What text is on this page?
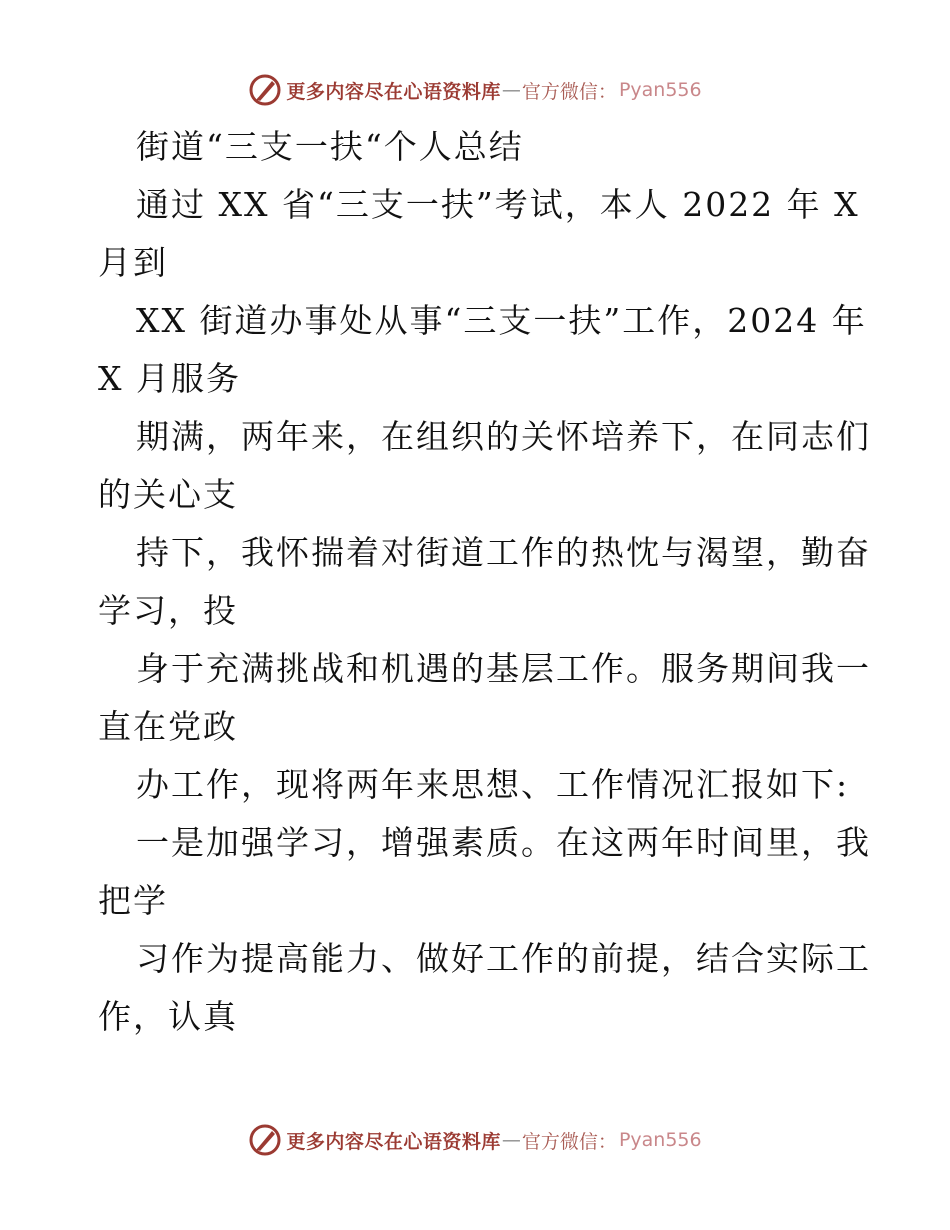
更多内容尽在心语资料库 — 官方微信： Pyan556
街道“三支一扶“个人总结
通过 XX 省“三支一扶”考试，本人 2022 年 X
月到
XX 街道办事处从事“三支一扶”工作，2024 年
X 月服务
期满，两年来，在组织的关怀培养下，在同志们
的关心支
持下，我怀揣着对街道工作的热忱与渴望，勤奋
学习，投
身于充满挑战和机遇的基层工作。服务期间我一
直在党政
办工作，现将两年来思想、工作情况汇报如下:
一是加强学习，增强素质。在这两年时间里，我
把学
习作为提高能力、做好工作的前提，结合实际工
作，认真
更多内容尽在心语资料库 — 官方微信： Pyan556
